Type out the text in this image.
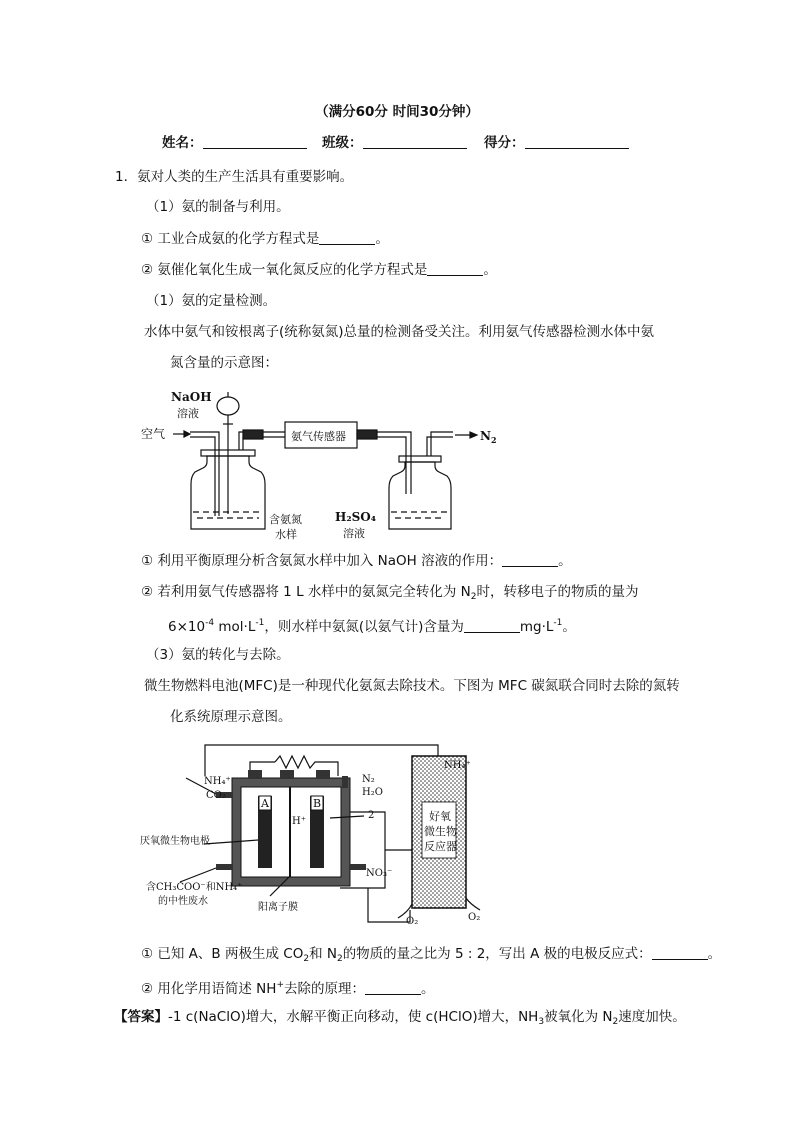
（满分60分 时间30分钟）
姓名：	班级：	得分：
1．氨对人类的生产生活具有重要影响。
（1）氨的制备与利用。
① 工业合成氨的化学方程式是	。
② 氨催化氧化生成一氧化氮反应的化学方程式是	。
（1）氨的定量检测。
水体中氨气和铵根离子(统称氨氮)总量的检测备受关注。利用氨气传感器检测水体中氨
氮含量的示意图：
NaOH
溶液
空气	氨气传感器	$N_2$
含氨氮
水样
H₂SO₄
溶液
① 利用平衡原理分析含氨氮水样中加入 NaOH 溶液的作用：	。
② 若利用氨气传感器将 1 L 水样中的氨氮完全转化为 $N_2$时，转移电子的物质的量为
$6\times 10^{-4}$ $mol\cdot L^{-1}$，则水样中氨氮(以氨气计)含量为	$mg\cdot L^{-1}$。
（3）氨的转化与去除。
微生物燃料电池(MFC)是一种现代化氨氮去除技术。下图为 MFC 碳氮联合同时去除的氮转
化系统原理示意图。
NH₄⁺
CO₂
N₂
H₂O
A	B
H⁺
2
厌氧微生物电极
含CH₃COO⁻和NH₄⁺
的中性废水
阳离子膜
NO₃⁻
NH₄⁺
好氧
微生物
反应器
O₂	O₂
① 已知 A、B 两极生成 $CO_2$和 $N_2$的物质的量之比为 5 : 2，写出 A 极的电极反应式：	。
② 用化学用语简述 NH+去除的原理：	。
【答案】-1 c(NaClO)增大，水解平衡正向移动，使 c(HClO)增大，$NH_3$被氧化为 $N_2$速度加快。
